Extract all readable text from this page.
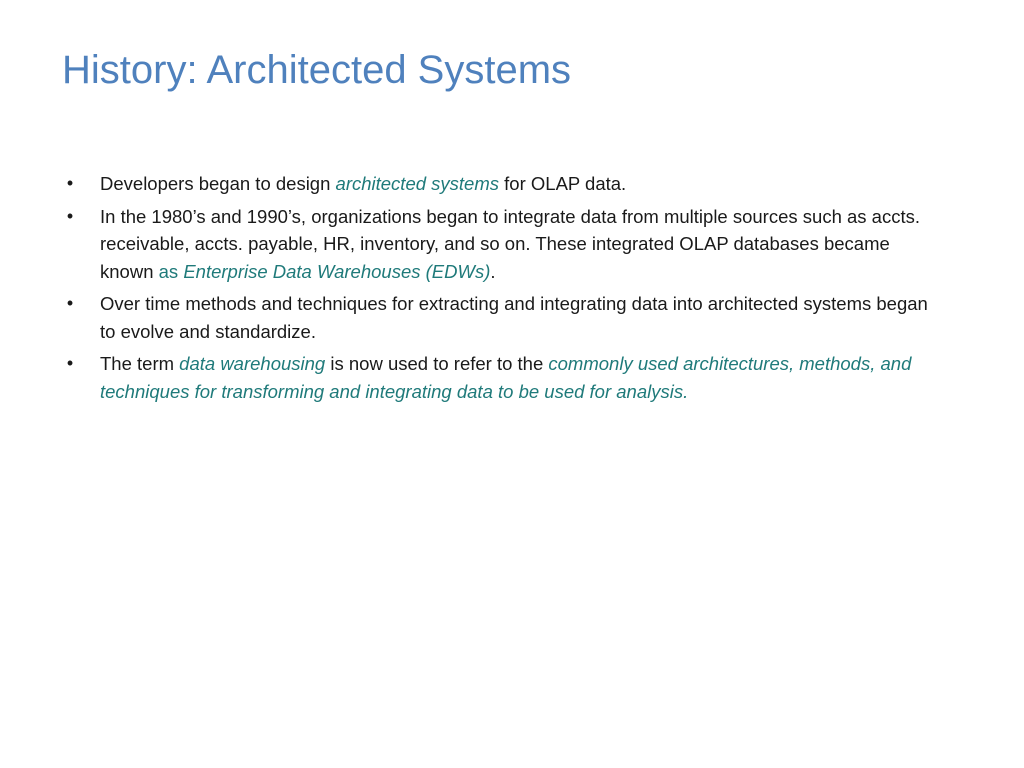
History: Architected Systems
• Developers began to design architected systems for OLAP data.
• In the 1980’s and 1990’s, organizations began to integrate data from multiple sources such as accts. receivable, accts. payable, HR, inventory, and so on. These integrated OLAP databases became known as Enterprise Data Warehouses (EDWs).
• Over time methods and techniques for extracting and integrating data into architected systems began to evolve and standardize.
• The term data warehousing is now used to refer to the commonly used architectures, methods, and techniques for transforming and integrating data to be used for analysis.
